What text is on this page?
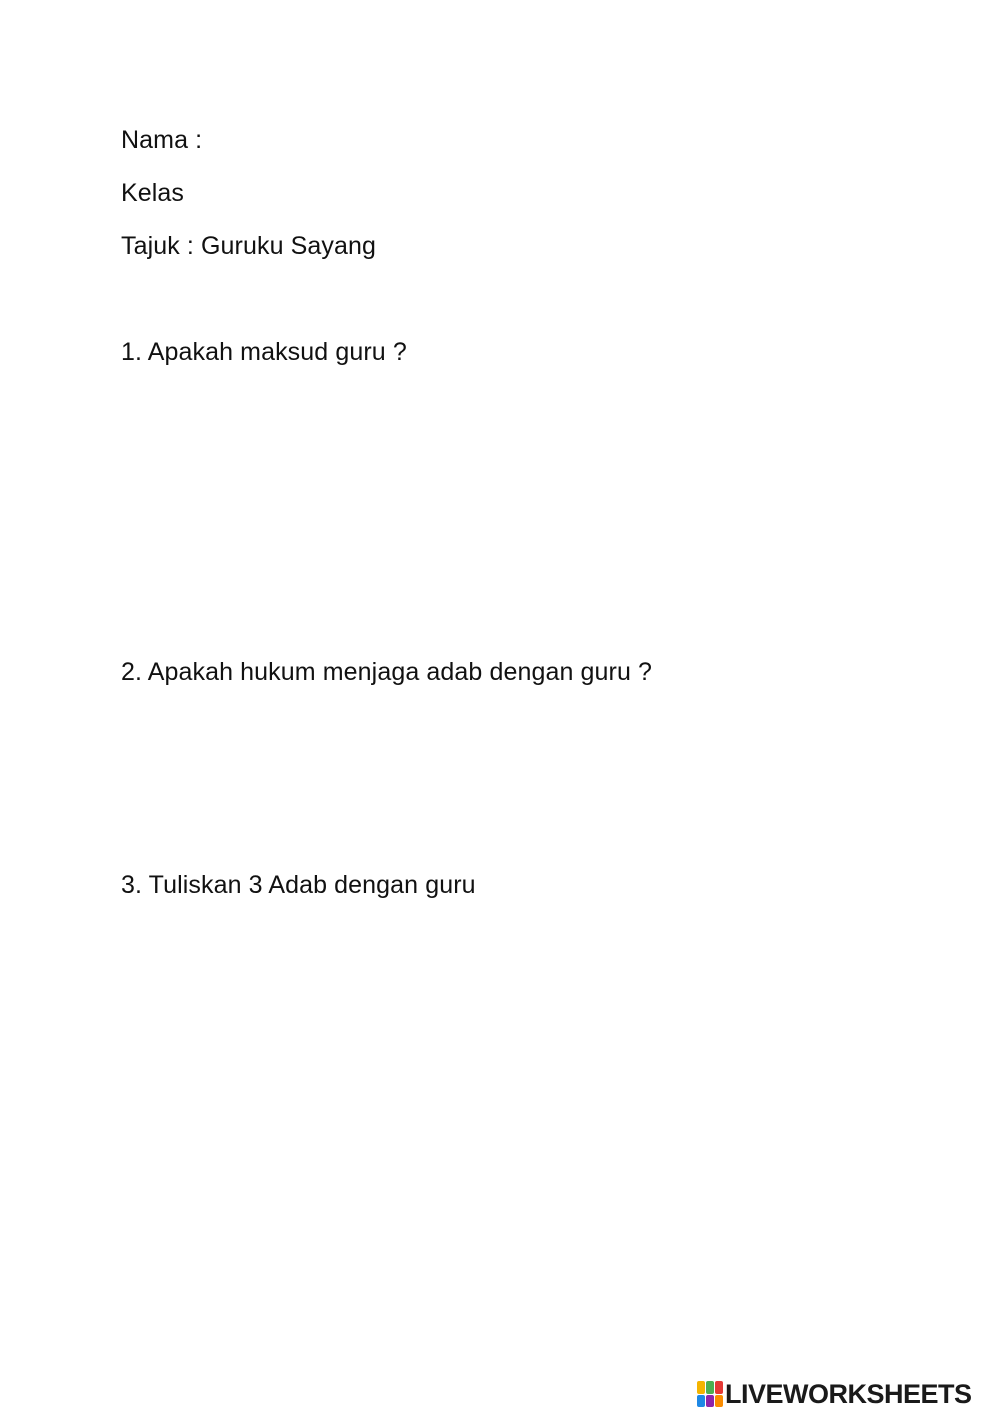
Nama :
Kelas
Tajuk : Guruku Sayang
1. Apakah maksud guru ?
2. Apakah hukum menjaga adab dengan guru ?
3. Tuliskan 3 Adab dengan guru
LIVEWORKSHEETS
